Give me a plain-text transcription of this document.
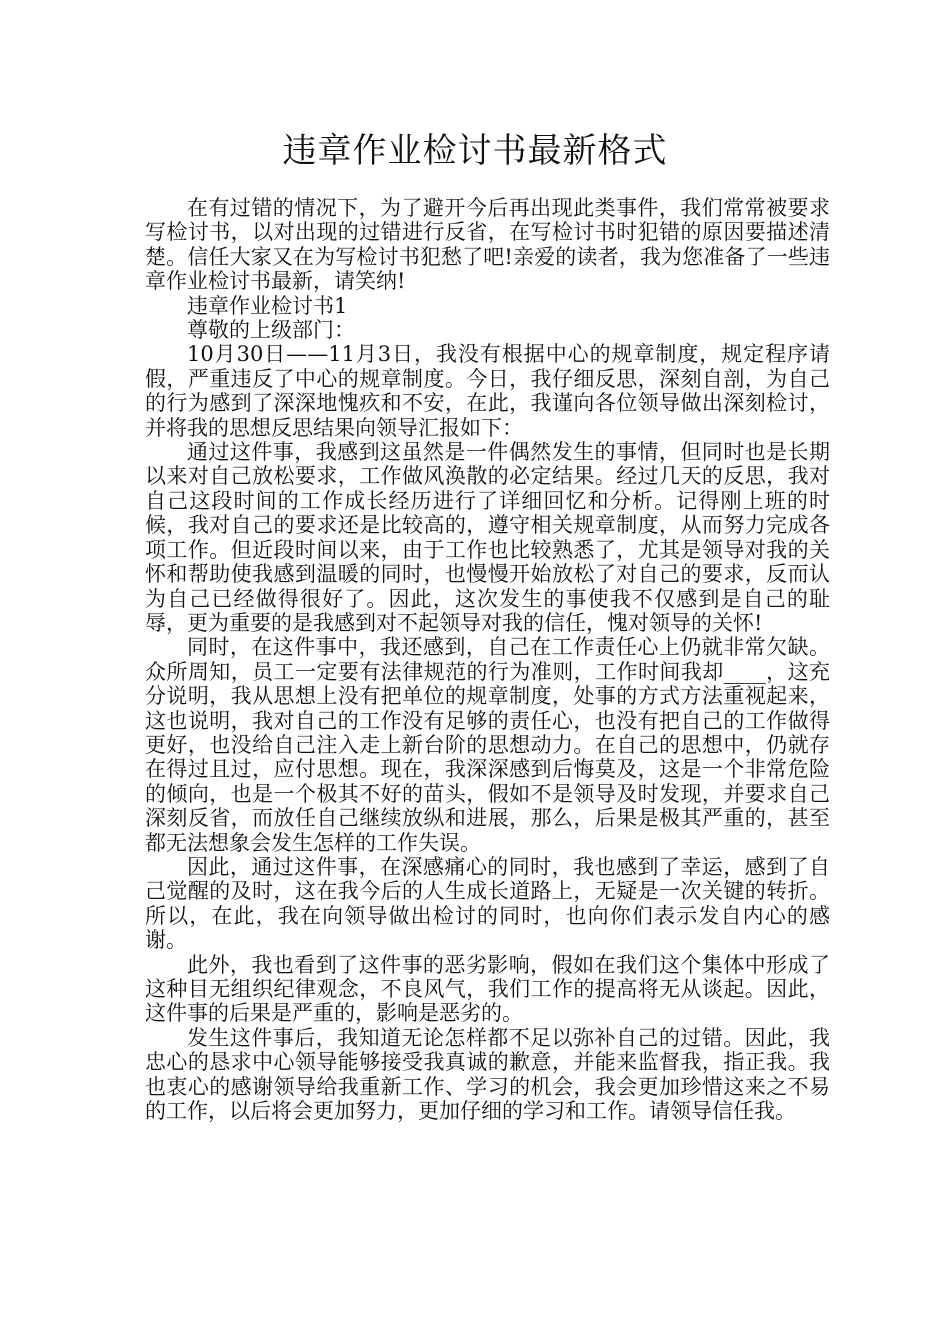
违章作业检讨书最新格式

在有过错的情况下，为了避开今后再出现此类事件，我们常常被要求写检讨书，以对出现的过错进行反省，在写检讨书时犯错的原因要描述清楚。信任大家又在为写检讨书犯愁了吧!亲爱的读者，我为您准备了一些违章作业检讨书最新，请笑纳!

违章作业检讨书1

尊敬的上级部门：

10月30日——11月3日，我没有根据中心的规章制度，规定程序请假，严重违反了中心的规章制度。今日，我仔细反思，深刻自剖，为自己的行为感到了深深地愧疚和不安，在此，我谨向各位领导做出深刻检讨，并将我的思想反思结果向领导汇报如下：

通过这件事，我感到这虽然是一件偶然发生的事情，但同时也是长期以来对自己放松要求，工作做风涣散的必定结果。经过几天的反思，我对自己这段时间的工作成长经历进行了详细回忆和分析。记得刚上班的时候，我对自己的要求还是比较高的，遵守相关规章制度，从而努力完成各项工作。但近段时间以来，由于工作也比较熟悉了，尤其是领导对我的关怀和帮助使我感到温暖的同时，也慢慢开始放松了对自己的要求，反而认为自己已经做得很好了。因此，这次发生的事使我不仅感到是自己的耻辱，更为重要的是我感到对不起领导对我的信任，愧对领导的关怀!

同时，在这件事中，我还感到，自己在工作责任心上仍就非常欠缺。众所周知，员工一定要有法律规范的行为准则，工作时间我却____，这充分说明，我从思想上没有把单位的规章制度，处事的方式方法重视起来，这也说明，我对自己的工作没有足够的责任心，也没有把自己的工作做得更好，也没给自己注入走上新台阶的思想动力。在自己的思想中，仍就存在得过且过，应付思想。现在，我深深感到后悔莫及，这是一个非常危险的倾向，也是一个极其不好的苗头，假如不是领导及时发现，并要求自己深刻反省，而放任自己继续放纵和进展，那么，后果是极其严重的，甚至都无法想象会发生怎样的工作失误。

因此，通过这件事，在深感痛心的同时，我也感到了幸运，感到了自己觉醒的及时，这在我今后的人生成长道路上，无疑是一次关键的转折。所以，在此，我在向领导做出检讨的同时，也向你们表示发自内心的感谢。

此外，我也看到了这件事的恶劣影响，假如在我们这个集体中形成了这种目无组织纪律观念，不良风气，我们工作的提高将无从谈起。因此，这件事的后果是严重的，影响是恶劣的。

发生这件事后，我知道无论怎样都不足以弥补自己的过错。因此，我忠心的恳求中心领导能够接受我真诚的歉意，并能来监督我，指正我。我也衷心的感谢领导给我重新工作、学习的机会，我会更加珍惜这来之不易的工作，以后将会更加努力，更加仔细的学习和工作。请领导信任我。
